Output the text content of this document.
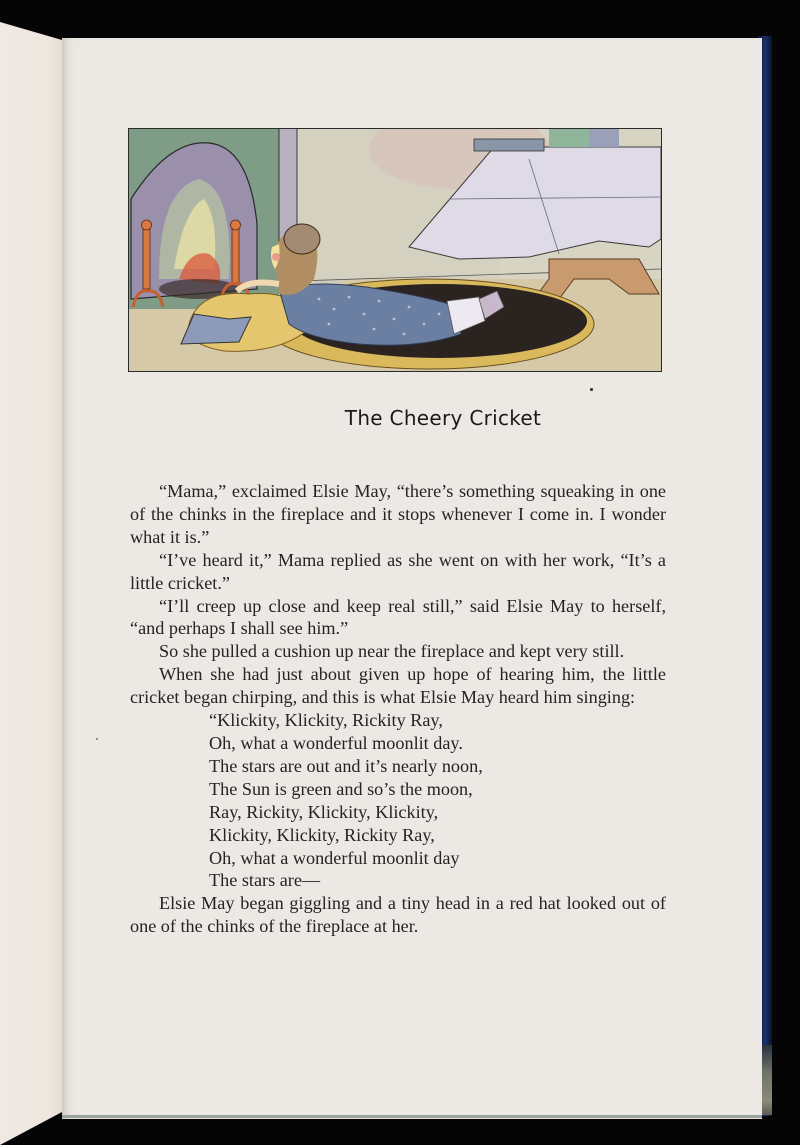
The Cheery Cricket

“Mama,” exclaimed Elsie May, “there’s something squeaking in one of the chinks in the fireplace and it stops whenever I come in. I wonder what it is.”

“I’ve heard it,” Mama replied as she went on with her work, “It’s a little cricket.”

“I’ll creep up close and keep real still,” said Elsie May to herself, “and perhaps I shall see him.”

So she pulled a cushion up near the fireplace and kept very still.

When she had just about given up hope of hearing him, the little cricket began chirping, and this is what Elsie May heard him singing:

“Klickity, Klickity, Rickity Ray,
Oh, what a wonderful moonlit day.
The stars are out and it’s nearly noon,
The Sun is green and so’s the moon,
Ray, Rickity, Klickity, Klickity,
Klickity, Klickity, Rickity Ray,
Oh, what a wonderful moonlit day
The stars are—

Elsie May began giggling and a tiny head in a red hat looked out of one of the chinks of the fireplace at her.
